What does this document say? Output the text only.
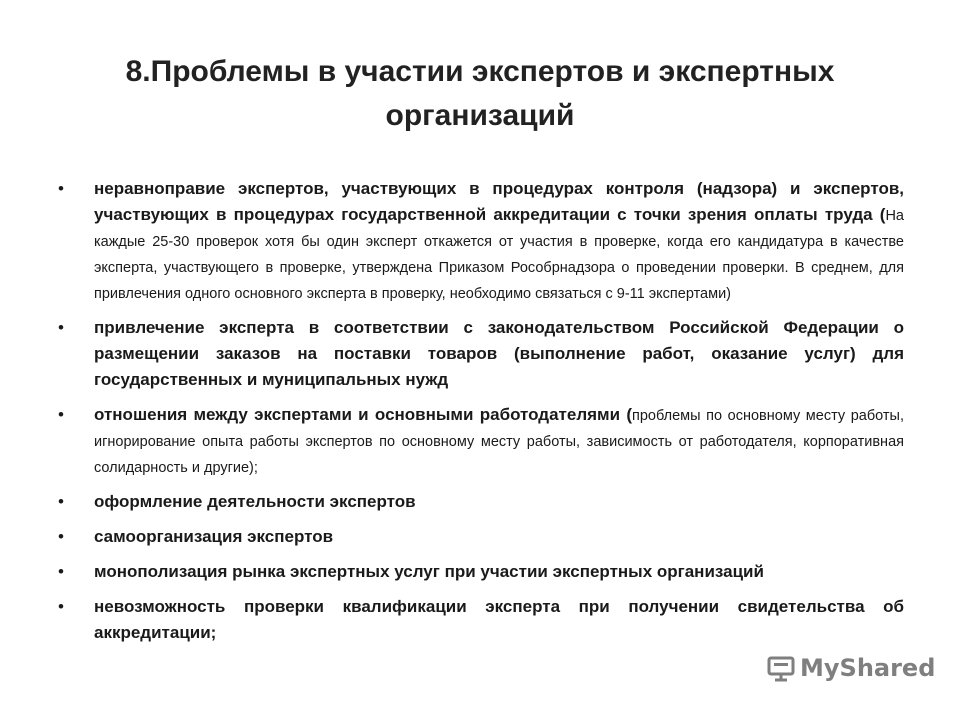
8.Проблемы в участии экспертов и экспертных
организаций
• неравноправие экспертов, участвующих в процедурах контроля (надзора) и экспертов, участвующих в процедурах государственной аккредитации с точки зрения оплаты труда (На каждые 25-30 проверок хотя бы один эксперт откажется от участия в проверке, когда его кандидатура в качестве эксперта, участвующего в проверке, утверждена Приказом Рособрнадзора о проведении проверки. В среднем, для привлечения одного основного эксперта в проверку, необходимо связаться с 9-11 экспертами)
• привлечение эксперта в соответствии с законодательством Российской Федерации о размещении заказов на поставки товаров (выполнение работ, оказание услуг) для государственных и муниципальных нужд
• отношения между экспертами и основными работодателями (проблемы по основному месту работы, игнорирование опыта работы экспертов по основному месту работы, зависимость от работодателя, корпоративная солидарность и другие);
• оформление деятельности экспертов
• самоорганизация экспертов
• монополизация рынка экспертных услуг при участии экспертных организаций
• невозможность проверки квалификации эксперта при получении свидетельства об аккредитации;
MyShared
